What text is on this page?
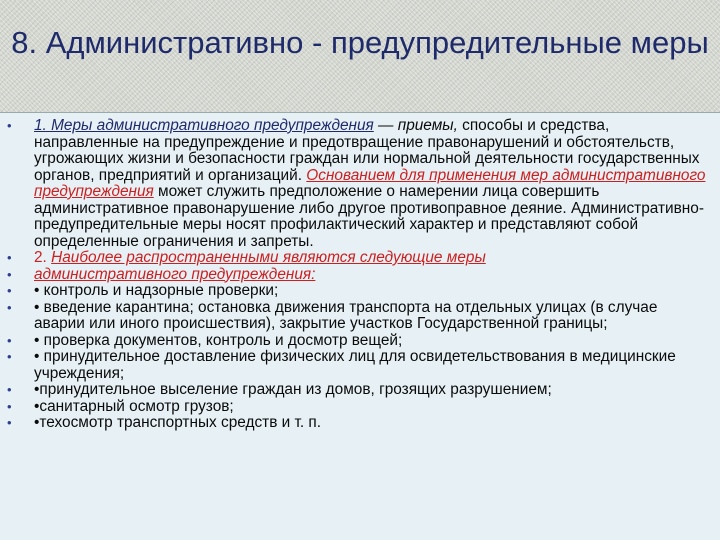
8. Административно - предупредительные меры
•	1. Меры административного предупреждения — приемы, способы и средства, направленные на предупреждение и предотвращение правонарушений и обстоятельств, угрожающих жизни и безопасности граждан или нормальной деятельности государственных органов, предприятий и организаций. Основанием для применения мер административного предупреждения может служить предположение о намерении лица совершить административное правонарушение либо другое противоправное деяние. Административно-предупредительные меры носят профилактический характер и представляют собой определенные ограничения и запреты.
•	2. Наиболее распространенными являются следующие меры
•	административного предупреждения:
•	• контроль и надзорные проверки;
•	• введение карантина; остановка движения транспорта на отдельных улицах (в случае аварии или иного происшествия), закрытие участков Государственной границы;
•	• проверка документов, контроль и досмотр вещей;
•	• принудительное доставление физических лиц для освидетельствования в медицинские учреждения;
•	•принудительное выселение граждан из домов, грозящих разрушением;
•	•санитарный осмотр грузов;
•	•техосмотр транспортных средств и т. п.
